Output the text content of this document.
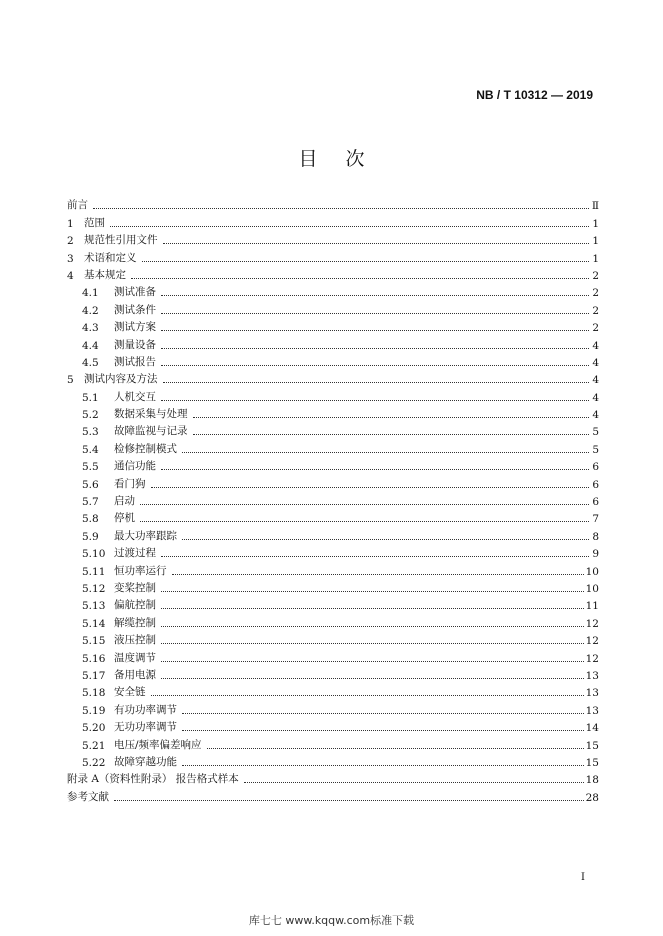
NB / T 10312 — 2019
目次
前言	Ⅱ
1 范围	1
2 规范性引用文件	1
3 术语和定义	1
4 基本规定	2
4.1	测试准备	2
4.2	测试条件	2
4.3	测试方案	2
4.4	测量设备	4
4.5	测试报告	4
5 测试内容及方法	4
5.1	人机交互	4
5.2	数据采集与处理	4
5.3	故障监视与记录	5
5.4	检修控制模式	5
5.5	通信功能	6
5.6	看门狗	6
5.7	启动	6
5.8	停机	7
5.9	最大功率跟踪	8
5.10 过渡过程	9
5.11 恒功率运行	10
5.12 变桨控制	10
5.13 偏航控制	11
5.14 解缆控制	12
5.15 液压控制	12
5.16 温度调节	12
5.17 备用电源	13
5.18 安全链	13
5.19 有功功率调节	13
5.20 无功功率调节	14
5.21 电压/频率偏差响应	15
5.22 故障穿越功能	15
附录 A（资料性附录） 报告格式样本	18
参考文献	28
I
库七七 www.kqqw.com标准下载
